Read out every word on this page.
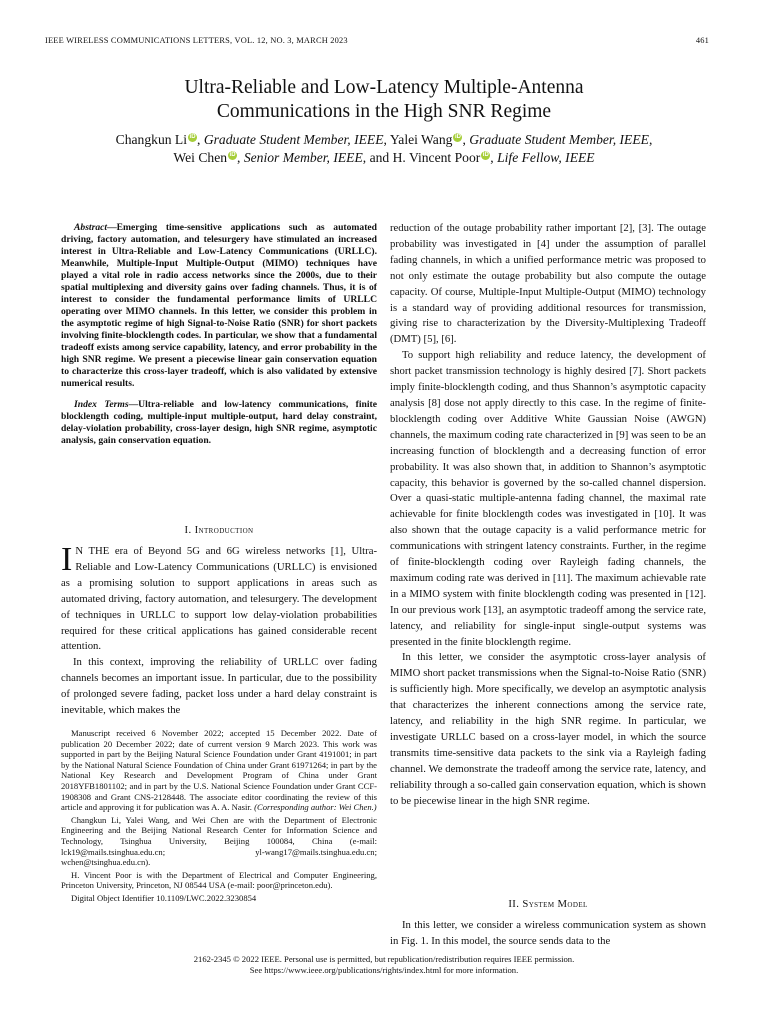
IEEE WIRELESS COMMUNICATIONS LETTERS, VOL. 12, NO. 3, MARCH 2023	461
Ultra-Reliable and Low-Latency Multiple-Antenna
Communications in the High SNR Regime
Changkun Li iD , Graduate Student Member, IEEE, Yalei Wang iD , Graduate Student Member, IEEE,
Wei Chen iD , Senior Member, IEEE, and H. Vincent Poor iD , Life Fellow, IEEE

Abstract—Emerging time-sensitive applications such as automated driving, factory automation, and telesurgery have stimulated an increased interest in Ultra-Reliable and Low-Latency Communications (URLLC). Meanwhile, Multiple-Input Multiple-Output (MIMO) techniques have played a vital role in radio access networks since the 2000s, due to their spatial multiplexing and diversity gains over fading channels. Thus, it is of interest to consider the fundamental performance limits of URLLC operating over MIMO channels. In this letter, we consider this problem in the asymptotic regime of high Signal-to-Noise Ratio (SNR) for short packets involving finite-blocklength codes. In particular, we show that a fundamental tradeoff exists among service capability, latency, and error probability in the high SNR regime. We present a piecewise linear gain conservation equation to characterize this cross-layer tradeoff, which is also validated by extensive numerical results.

Index Terms—Ultra-reliable and low-latency communications, finite blocklength coding, multiple-input multiple-output, hard delay constraint, delay-violation probability, cross-layer design, high SNR regime, asymptotic analysis, gain conservation equation.

I. Introduction

I N THE era of Beyond 5G and 6G wireless networks [1], Ultra-Reliable and Low-Latency Communications (URLLC) is envisioned as a promising solution to support applications in areas such as automated driving, factory automation, and telesurgery. The development of techniques in URLLC to support low delay-violation probabilities required for these critical applications has gained considerable recent attention.

In this context, improving the reliability of URLLC over fading channels becomes an important issue. In particular, due to the possibility of prolonged severe fading, packet loss under a hard delay constraint is inevitable, which makes the

Manuscript received 6 November 2022; accepted 15 December 2022. Date of publication 20 December 2022; date of current version 9 March 2023. This work was supported in part by the Beijing Natural Science Foundation under Grant 4191001; in part by the National Natural Science Foundation of China under Grant 61971264; in part by the National Key Research and Development Program of China under Grant 2018YFB1801102; and in part by the U.S. National Science Foundation under Grant CCF-1908308 and Grant CNS-2128448. The associate editor coordinating the review of this article and approving it for publication was A. A. Nasir. (Corresponding author: Wei Chen.)

Changkun Li, Yalei Wang, and Wei Chen are with the Department of Electronic Engineering and the Beijing National Research Center for Information Science and Technology, Tsinghua University, Beijing 100084, China (e-mail: lck19@mails.tsinghua.edu.cn; yl-wang17@mails.tsinghua.edu.cn; wchen@tsinghua.edu.cn).

H. Vincent Poor is with the Department of Electrical and Computer Engineering, Princeton University, Princeton, NJ 08544 USA (e-mail: poor@princeton.edu).

Digital Object Identifier 10.1109/LWC.2022.3230854

reduction of the outage probability rather important [2], [3]. The outage probability was investigated in [4] under the assumption of parallel fading channels, in which a unified performance metric was proposed to not only estimate the outage probability but also compute the outage capacity. Of course, Multiple-Input Multiple-Output (MIMO) technology is a standard way of providing additional resources for transmission, giving rise to characterization by the Diversity-Multiplexing Tradeoff (DMT) [5], [6].

To support high reliability and reduce latency, the development of short packet transmission technology is highly desired [7]. Short packets imply finite-blocklength coding, and thus Shannon’s asymptotic capacity analysis [8] dose not apply directly to this case. In the regime of finite-blocklength coding over Additive White Gaussian Noise (AWGN) channels, the maximum coding rate characterized in [9] was seen to be an increasing function of blocklength and a decreasing function of error probability. It was also shown that, in addition to Shannon’s asymptotic capacity, this behavior is governed by the so-called channel dispersion. Over a quasi-static multiple-antenna fading channel, the maximal rate achievable for finite blocklength codes was investigated in [10]. It was also shown that the outage capacity is a valid performance metric for communications with stringent latency constraints. Further, in the regime of finite-blocklength coding over Rayleigh fading channels, the maximum coding rate was derived in [11]. The maximum achievable rate in a MIMO system with finite blocklength coding was presented in [12]. In our previous work [13], an asymptotic tradeoff among the service rate, latency, and reliability for single-input single-output systems was presented in the finite blocklength regime.

In this letter, we consider the asymptotic cross-layer analysis of MIMO short packet transmissions when the Signal-to-Noise Ratio (SNR) is sufficiently high. More specifically, we develop an asymptotic analysis that characterizes the inherent connections among the service rate, latency, and reliability in the high SNR regime. In particular, we investigate URLLC based on a cross-layer model, in which the source transmits time-sensitive data packets to the sink via a Rayleigh fading channel. We demonstrate the tradeoff among the service rate, latency, and reliability through a so-called gain conservation equation, which is shown to be piecewise linear in the high SNR regime.

II. System Model

In this letter, we consider a wireless communication system as shown in Fig. 1. In this model, the source sends data to the

2162-2345 © 2022 IEEE. Personal use is permitted, but republication/redistribution requires IEEE permission.
See https://www.ieee.org/publications/rights/index.html for more information.
